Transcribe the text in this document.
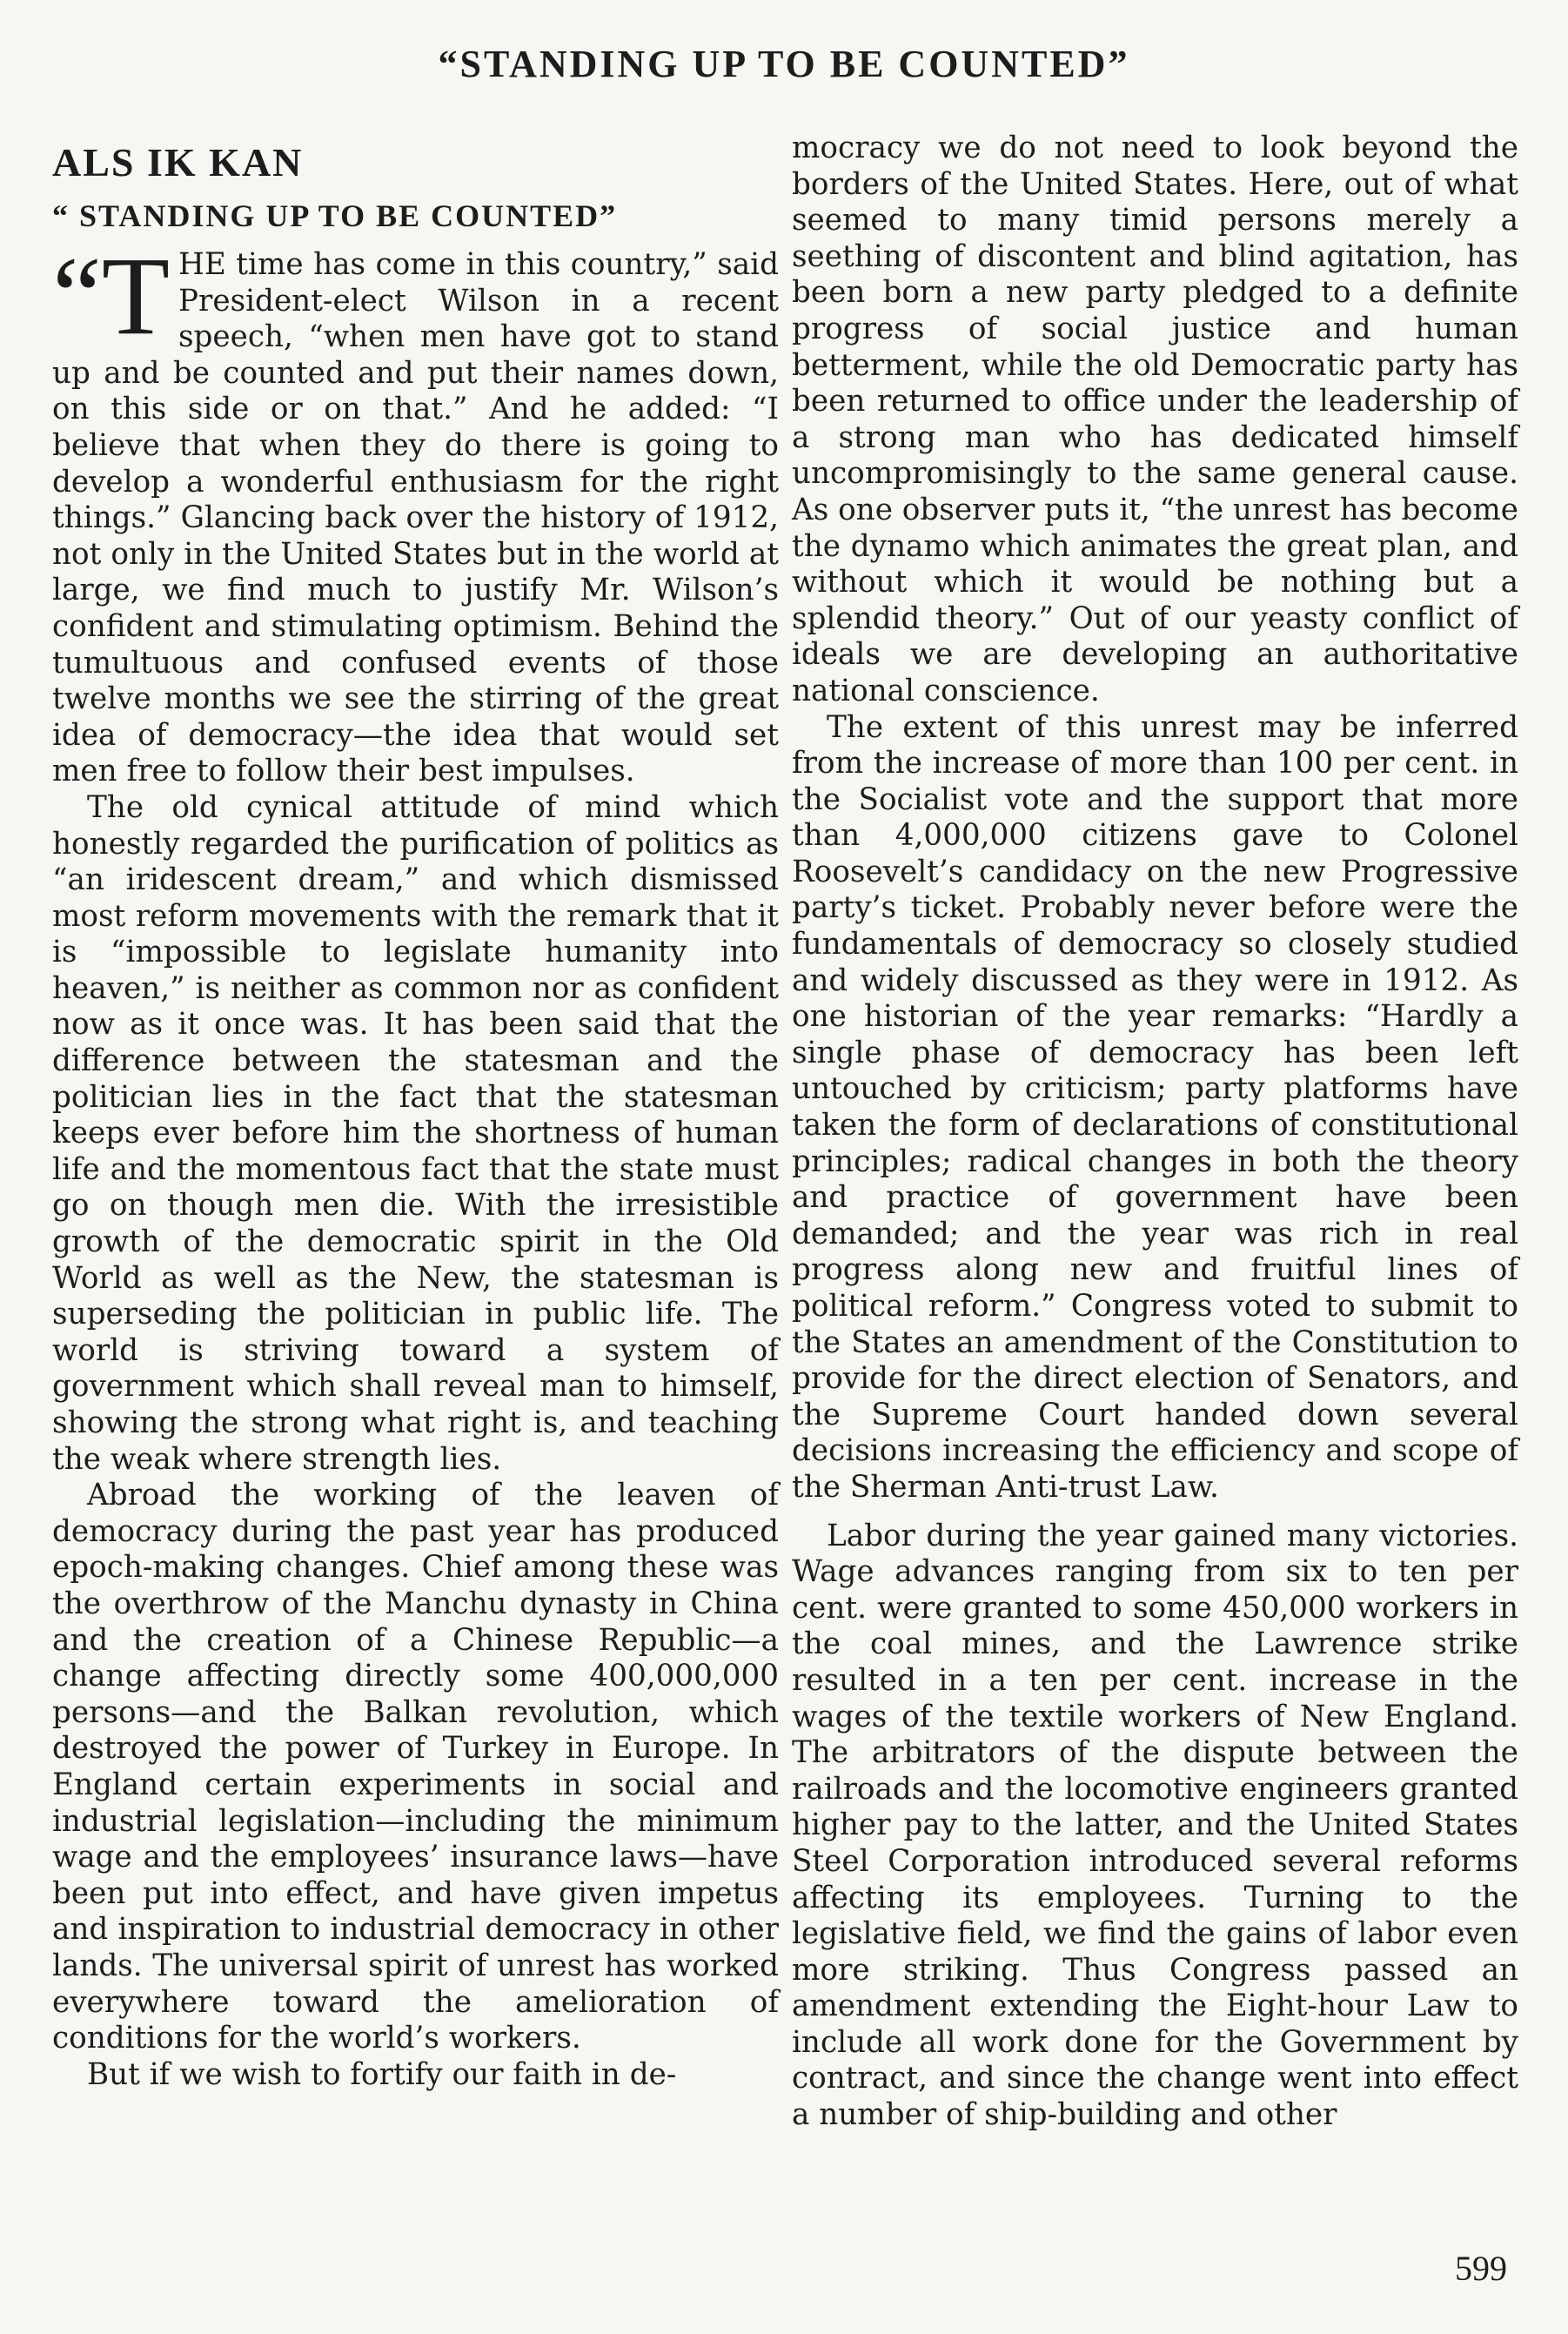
“STANDING UP TO BE COUNTED”
ALS IK KAN
“ STANDING UP TO BE COUNTED”

“THE time has come in this country,” said President-elect Wilson in a recent speech, “when men have got to stand up and be counted and put their names down, on this side or on that.” And he added: “I believe that when they do there is going to develop a wonderful enthusiasm for the right things.” Glancing back over the history of 1912, not only in the United States but in the world at large, we find much to justify Mr. Wilson’s confident and stimulating optimism. Behind the tumultuous and confused events of those twelve months we see the stirring of the great idea of democracy—the idea that would set men free to follow their best impulses.

The old cynical attitude of mind which honestly regarded the purification of politics as “an iridescent dream,” and which dismissed most reform movements with the remark that it is “impossible to legislate humanity into heaven,” is neither as common nor as confident now as it once was. It has been said that the difference between the statesman and the politician lies in the fact that the statesman keeps ever before him the shortness of human life and the momentous fact that the state must go on though men die. With the irresistible growth of the democratic spirit in the Old World as well as the New, the statesman is superseding the politician in public life. The world is striving toward a system of government which shall reveal man to himself, showing the strong what right is, and teaching the weak where strength lies.

Abroad the working of the leaven of democracy during the past year has produced epoch-making changes. Chief among these was the overthrow of the Manchu dynasty in China and the creation of a Chinese Republic—a change affecting directly some 400,000,000 persons—and the Balkan revolution, which destroyed the power of Turkey in Europe. In England certain experiments in social and industrial legislation—including the minimum wage and the employees’ insurance laws—have been put into effect, and have given impetus and inspiration to industrial democracy in other lands. The universal spirit of unrest has worked everywhere toward the amelioration of conditions for the world’s workers.

But if we wish to fortify our faith in de-

mocracy we do not need to look beyond the borders of the United States. Here, out of what seemed to many timid persons merely a seething of discontent and blind agitation, has been born a new party pledged to a definite progress of social justice and human betterment, while the old Democratic party has been returned to office under the leadership of a strong man who has dedicated himself uncompromisingly to the same general cause. As one observer puts it, “the unrest has become the dynamo which animates the great plan, and without which it would be nothing but a splendid theory.” Out of our yeasty conflict of ideals we are developing an authoritative national conscience.

The extent of this unrest may be inferred from the increase of more than 100 per cent. in the Socialist vote and the support that more than 4,000,000 citizens gave to Colonel Roosevelt’s candidacy on the new Progressive party’s ticket. Probably never before were the fundamentals of democracy so closely studied and widely discussed as they were in 1912. As one historian of the year remarks: “Hardly a single phase of democracy has been left untouched by criticism; party platforms have taken the form of declarations of constitutional principles; radical changes in both the theory and practice of government have been demanded; and the year was rich in real progress along new and fruitful lines of political reform.” Congress voted to submit to the States an amendment of the Constitution to provide for the direct election of Senators, and the Supreme Court handed down several decisions increasing the efficiency and scope of the Sherman Anti-trust Law.

Labor during the year gained many victories. Wage advances ranging from six to ten per cent. were granted to some 450,000 workers in the coal mines, and the Lawrence strike resulted in a ten per cent. increase in the wages of the textile workers of New England. The arbitrators of the dispute between the railroads and the locomotive engineers granted higher pay to the latter, and the United States Steel Corporation introduced several reforms affecting its employees. Turning to the legislative field, we find the gains of labor even more striking. Thus Congress passed an amendment extending the Eight-hour Law to include all work done for the Government by contract, and since the change went into effect a number of ship-building and other

599
